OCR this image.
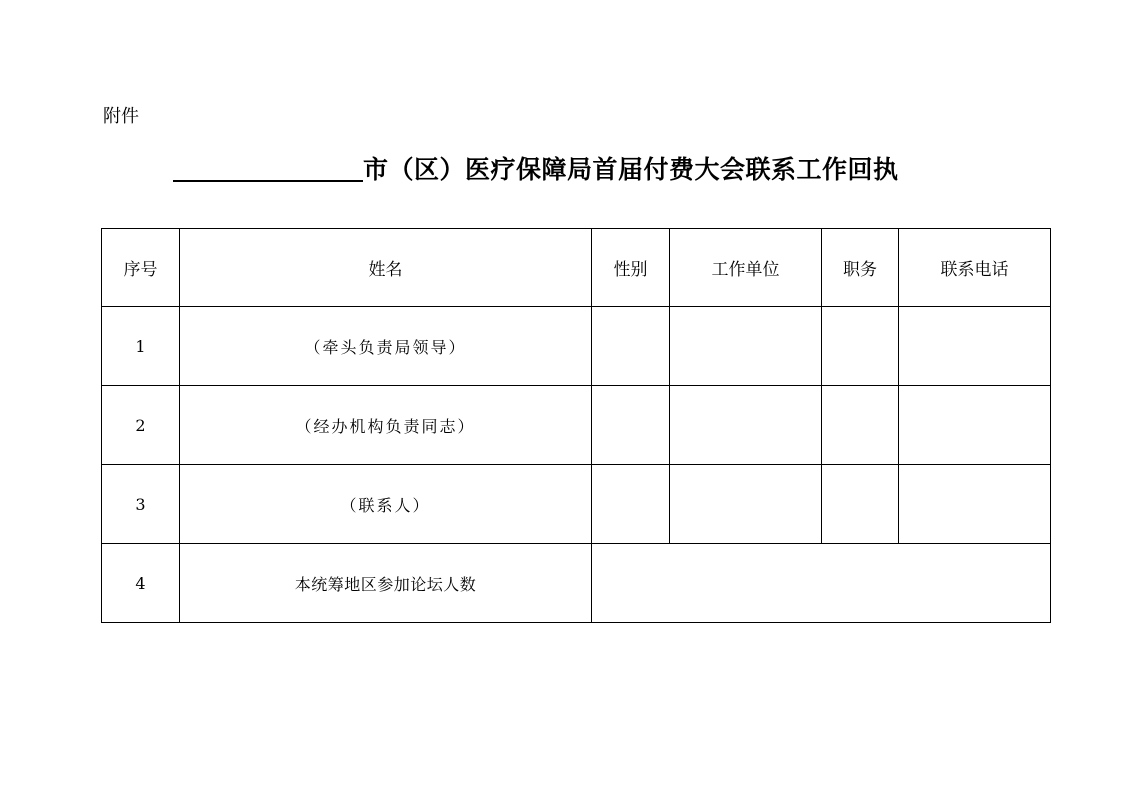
附件
市（区）医疗保障局首届付费大会联系工作回执
序号	姓名	性别	工作单位	职务	联系电话
1	（牵头负责局领导）				
2	（经办机构负责同志）				
3	（联系人）				
4	本统筹地区参加论坛人数				
